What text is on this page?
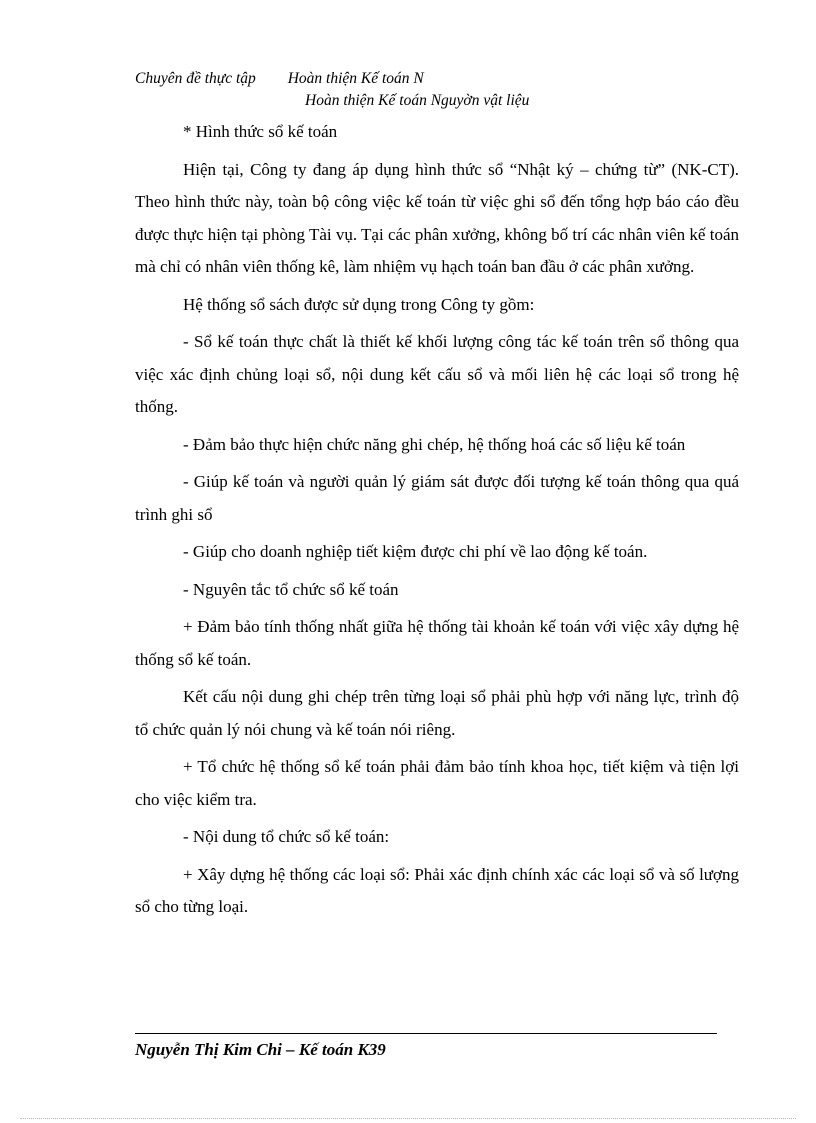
Chuyên đề thực tập Hoàn thiện Kế toán N
Hoàn thiện Kế toán Nguyờn vật liệu

* Hình thức sổ kế toán

Hiện tại, Công ty đang áp dụng hình thức sổ “Nhật ký – chứng từ” (NK-CT). Theo hình thức này, toàn bộ công việc kế toán từ việc ghi sổ đến tổng hợp báo cáo đều được thực hiện tại phòng Tài vụ. Tại các phân xưởng, không bố trí các nhân viên kế toán mà chỉ có nhân viên thống kê, làm nhiệm vụ hạch toán ban đầu ở các phân xưởng.

Hệ thống sổ sách được sử dụng trong Công ty gồm:

- Sổ kế toán thực chất là thiết kế khối lượng công tác kế toán trên sổ thông qua việc xác định chủng loại sổ, nội dung kết cấu sổ và mối liên hệ các loại sổ trong hệ thống.

- Đảm bảo thực hiện chức năng ghi chép, hệ thống hoá các số liệu kế toán

- Giúp kế toán và người quản lý giám sát được đối tượng kế toán thông qua quá trình ghi sổ

- Giúp cho doanh nghiệp tiết kiệm được chi phí về lao động kế toán.

- Nguyên tắc tổ chức sổ kế toán

+ Đảm bảo tính thống nhất giữa hệ thống tài khoản kế toán với việc xây dựng hệ thống sổ kế toán.

Kết cấu nội dung ghi chép trên từng loại sổ phải phù hợp với năng lực, trình độ tổ chức quản lý nói chung và kế toán nói riêng.

+ Tổ chức hệ thống sổ kế toán phải đảm bảo tính khoa học, tiết kiệm và tiện lợi cho việc kiểm tra.

- Nội dung tổ chức sổ kế toán:

+ Xây dựng hệ thống các loại sổ: Phải xác định chính xác các loại sổ và số lượng sổ cho từng loại.

Nguyễn Thị Kim Chi – Kế toán K39
